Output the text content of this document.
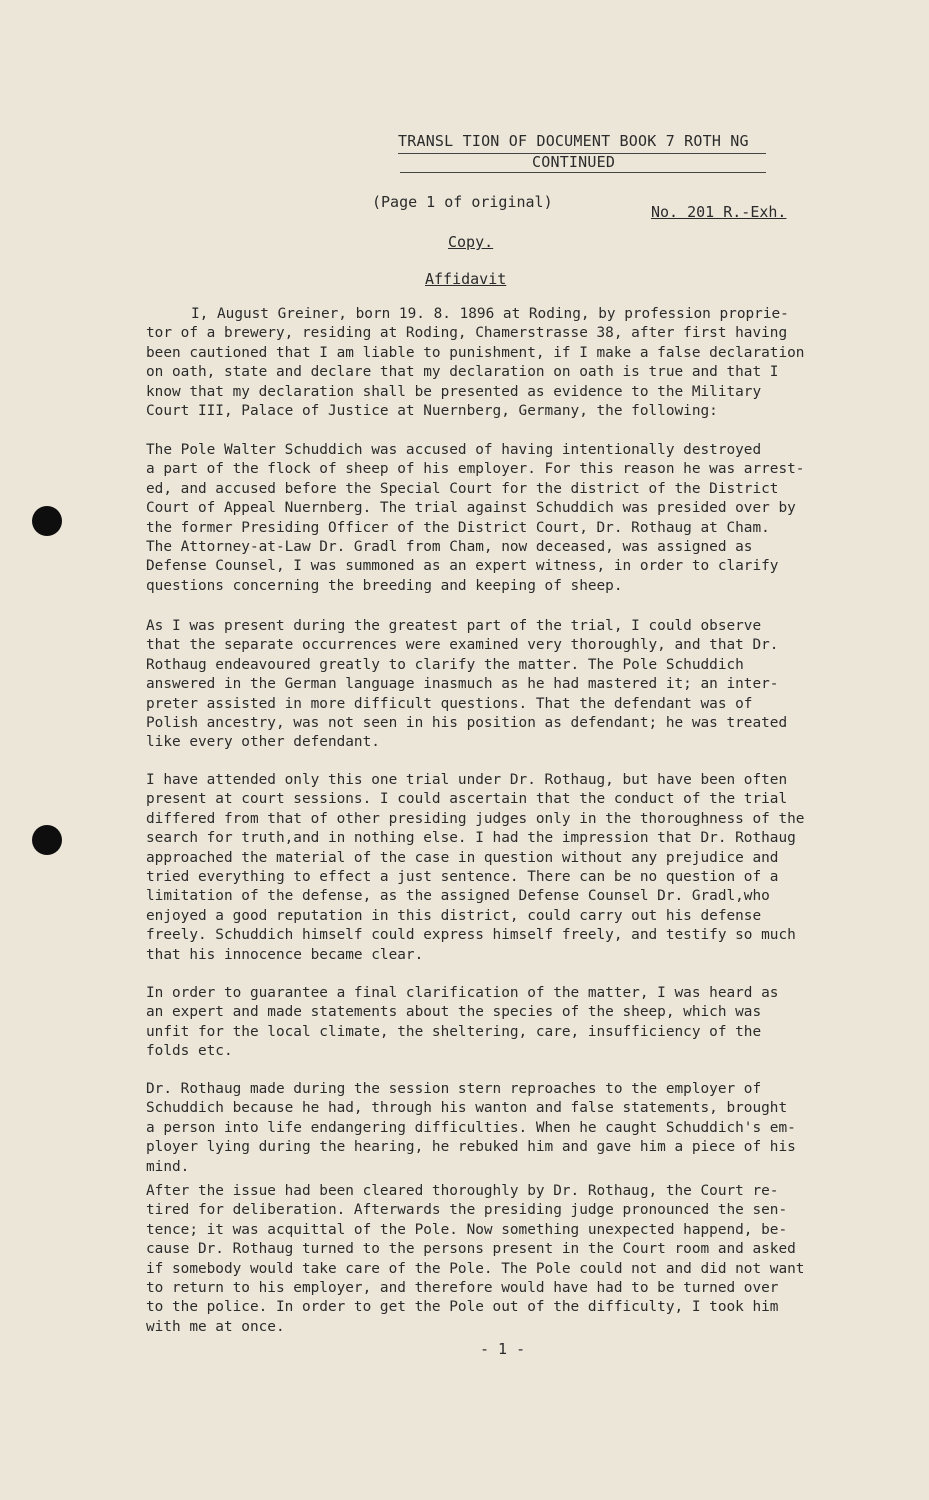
TRANSL TION OF DOCUMENT BOOK 7 ROTH NG
CONTINUED
(Page 1 of original)
No. 201 R.-Exh.
Copy.
Affidavit
I, August Greiner, born 19. 8. 1896 at Roding, by profession proprie-
tor of a brewery, residing at Roding, Chamerstrasse 38, after first having
been cautioned that I am liable to punishment, if I make a false declaration
on oath, state and declare that my declaration on oath is true and that I
know that my declaration shall be presented as evidence to the Military
Court III, Palace of Justice at Nuernberg, Germany, the following:
The Pole Walter Schuddich was accused of having intentionally destroyed
a part of the flock of sheep of his employer. For this reason he was arrest-
ed, and accused before the Special Court for the district of the District
Court of Appeal Nuernberg. The trial against Schuddich was presided over by
the former Presiding Officer of the District Court, Dr. Rothaug at Cham.
The Attorney-at-Law Dr. Gradl from Cham, now deceased, was assigned as
Defense Counsel, I was summoned as an expert witness, in order to clarify
questions concerning the breeding and keeping of sheep.
As I was present during the greatest part of the trial, I could observe
that the separate occurrences were examined very thoroughly, and that Dr.
Rothaug endeavoured greatly to clarify the matter. The Pole Schuddich
answered in the German language inasmuch as he had mastered it; an inter-
preter assisted in more difficult questions. That the defendant was of
Polish ancestry, was not seen in his position as defendant; he was treated
like every other defendant.
I have attended only this one trial under Dr. Rothaug, but have been often
present at court sessions. I could ascertain that the conduct of the trial
differed from that of other presiding judges only in the thoroughness of the
search for truth,and in nothing else. I had the impression that Dr. Rothaug
approached the material of the case in question without any prejudice and
tried everything to effect a just sentence. There can be no question of a
limitation of the defense, as the assigned Defense Counsel Dr. Gradl,who
enjoyed a good reputation in this district, could carry out his defense
freely. Schuddich himself could express himself freely, and testify so much
that his innocence became clear.
In order to guarantee a final clarification of the matter, I was heard as
an expert and made statements about the species of the sheep, which was
unfit for the local climate, the sheltering, care, insufficiency of the
folds etc.
Dr. Rothaug made during the session stern reproaches to the employer of
Schuddich because he had, through his wanton and false statements, brought
a person into life endangering difficulties. When he caught Schuddich's em-
ployer lying during the hearing, he rebuked him and gave him a piece of his
mind.
After the issue had been cleared thoroughly by Dr. Rothaug, the Court re-
tired for deliberation. Afterwards the presiding judge pronounced the sen-
tence; it was acquittal of the Pole. Now something unexpected happend, be-
cause Dr. Rothaug turned to the persons present in the Court room and asked
if somebody would take care of the Pole. The Pole could not and did not want
to return to his employer, and therefore would have had to be turned over
to the police. In order to get the Pole out of the difficulty, I took him
with me at once.
- 1 -
